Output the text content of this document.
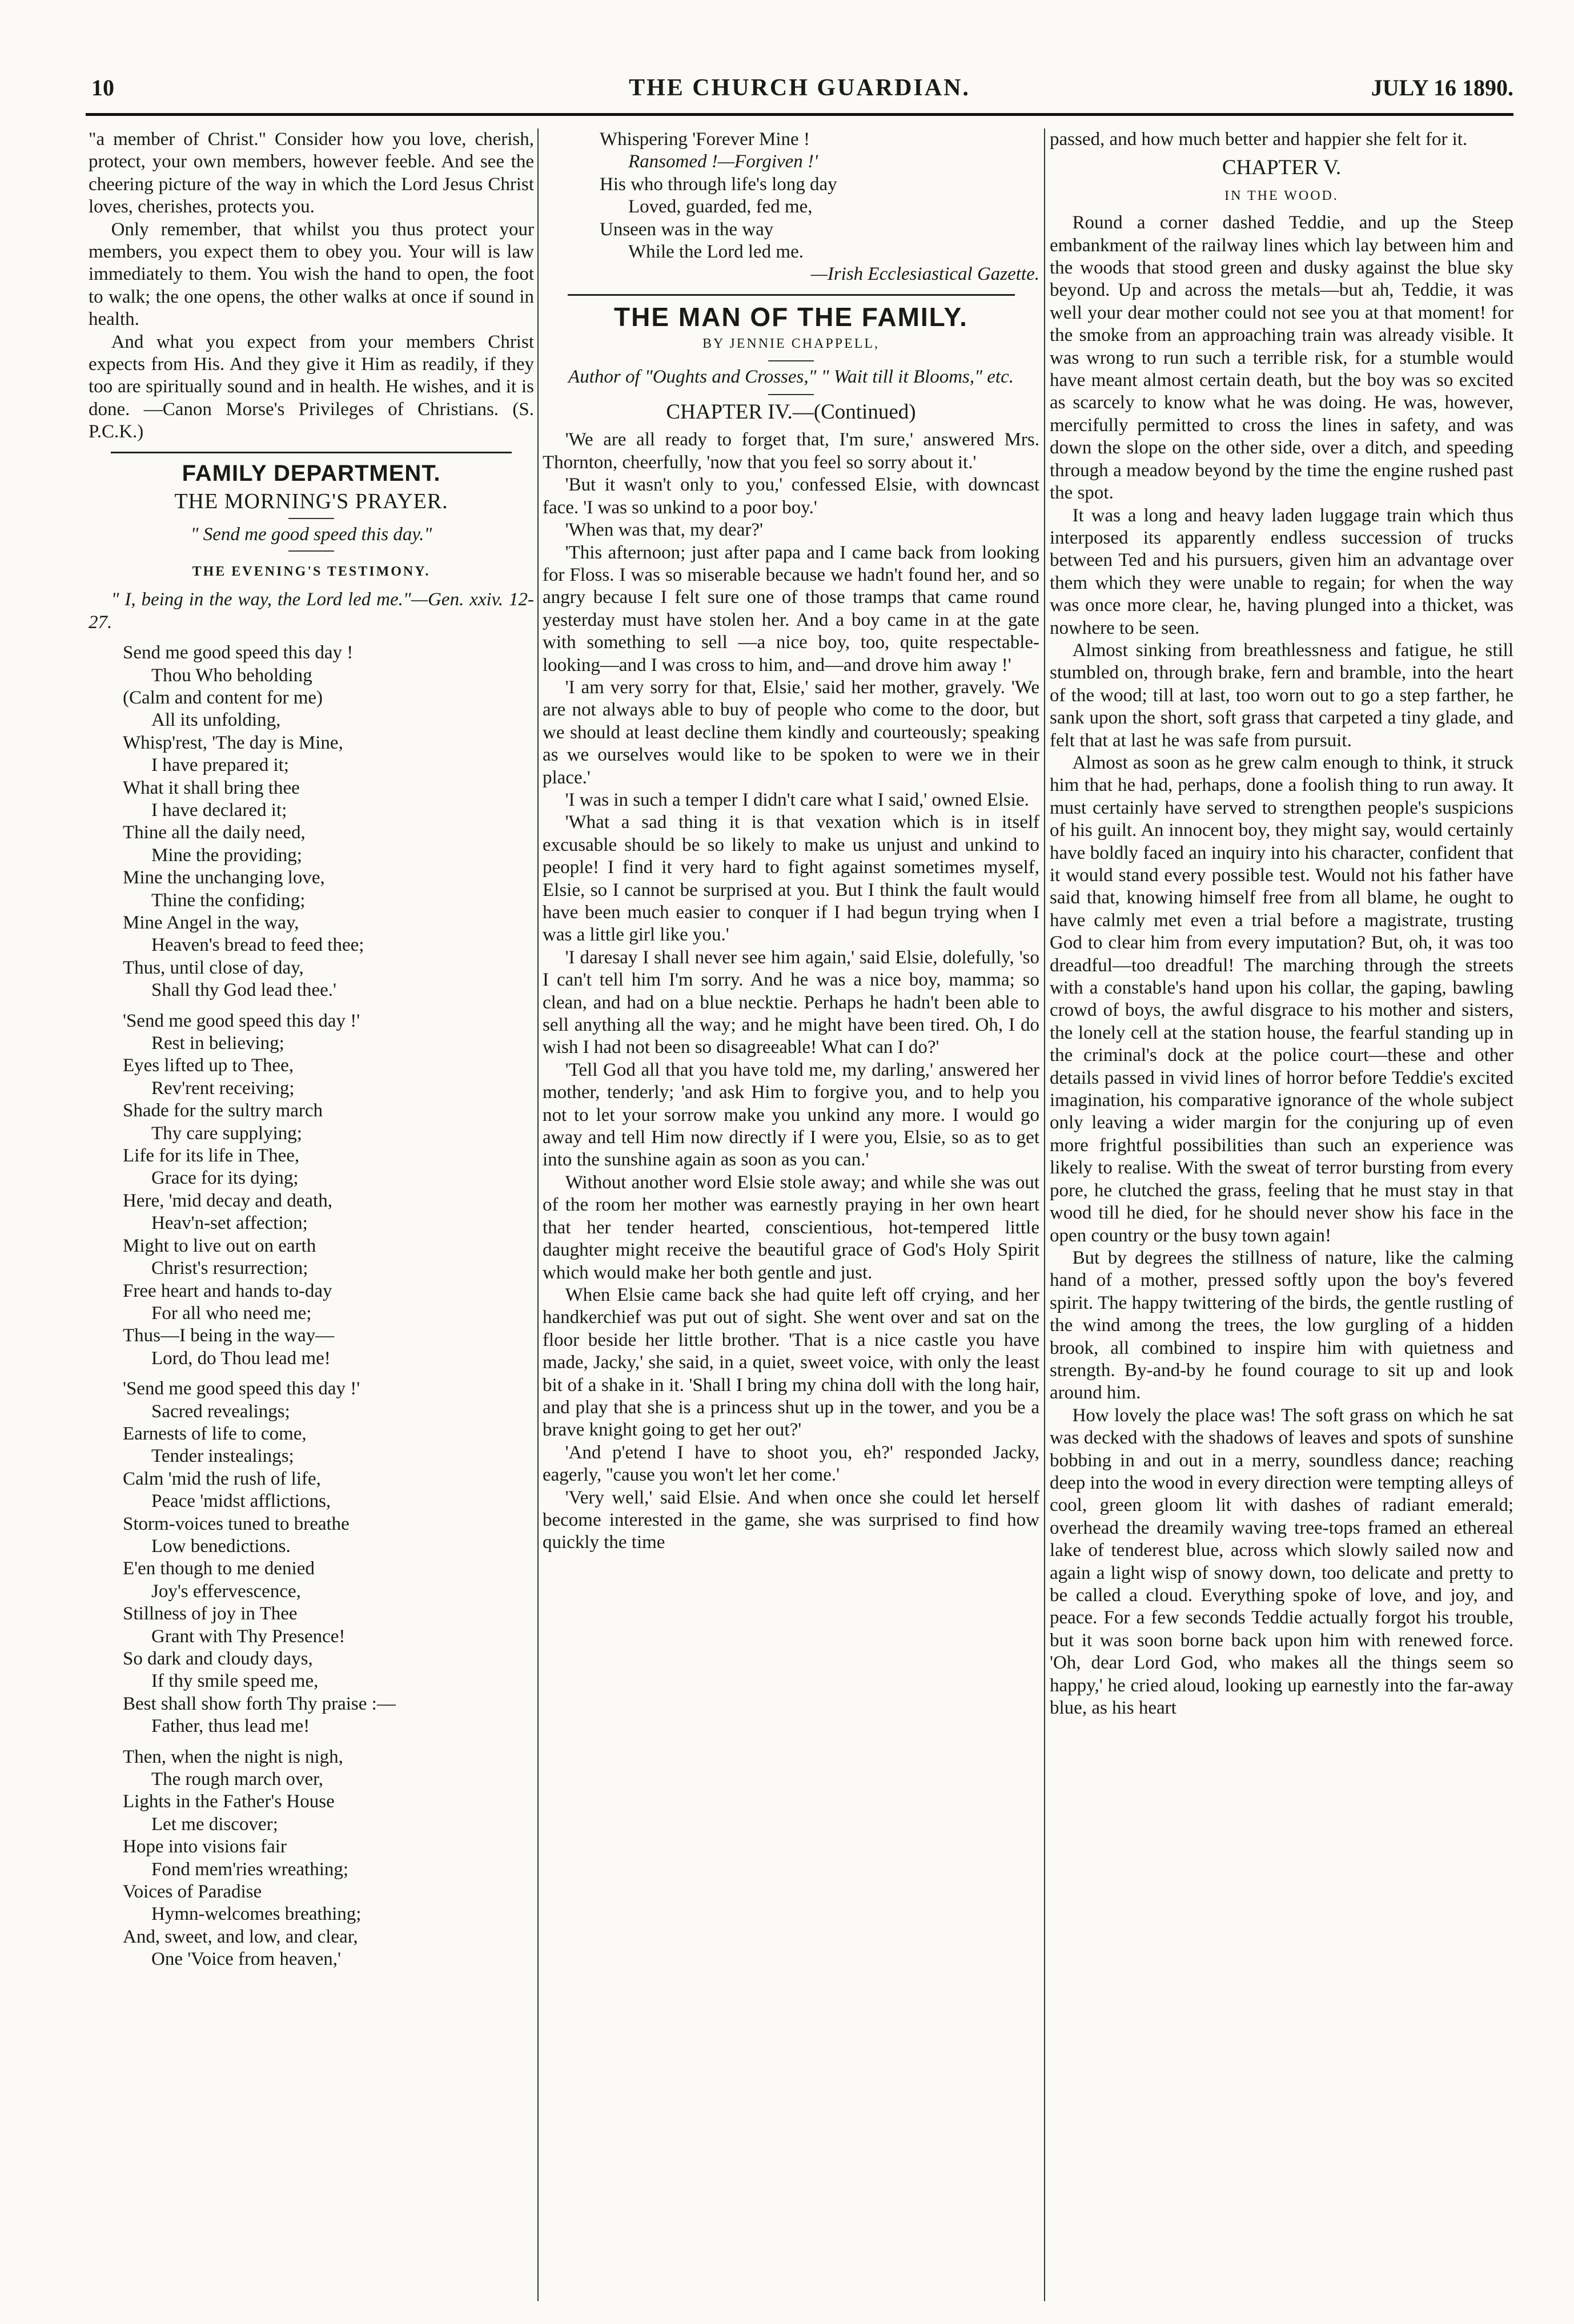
10	THE CHURCH GUARDIAN.	JULY 16 1890.

"a member of Christ." Consider how you love, cherish, protect, your own members, however feeble. And see the cheering picture of the way in which the Lord Jesus Christ loves, cherishes, protects you.

Only remember, that whilst you thus protect your members, you expect them to obey you. Your will is law immediately to them. You wish the hand to open, the foot to walk; the one opens, the other walks at once if sound in health.

And what you expect from your members Christ expects from His. And they give it Him as readily, if they too are spiritually sound and in health. He wishes, and it is done. —Canon Morse's Privileges of Christians. (S. P.C.K.)

FAMILY DEPARTMENT.
THE MORNING'S PRAYER.
" Send me good speed this day."
THE EVENING'S TESTIMONY.

" I, being in the way, the Lord led me."—Gen. xxiv. 12-27.

Send me good speed this day !
Thou Who beholding
(Calm and content for me)
All its unfolding,
Whisp'rest, 'The day is Mine,
I have prepared it;
What it shall bring thee
I have declared it;
Thine all the daily need,
Mine the providing;
Mine the unchanging love,
Thine the confiding;
Mine Angel in the way,
Heaven's bread to feed thee;
Thus, until close of day,
Shall thy God lead thee.'
'Send me good speed this day !'
Rest in believing;
Eyes lifted up to Thee,
Rev'rent receiving;
Shade for the sultry march
Thy care supplying;
Life for its life in Thee,
Grace for its dying;
Here, 'mid decay and death,
Heav'n-set affection;
Might to live out on earth
Christ's resurrection;
Free heart and hands to-day
For all who need me;
Thus—I being in the way—
Lord, do Thou lead me!
'Send me good speed this day !'
Sacred revealings;
Earnests of life to come,
Tender instealings;
Calm 'mid the rush of life,
Peace 'midst afflictions,
Storm-voices tuned to breathe
Low benedictions.
E'en though to me denied
Joy's effervescence,
Stillness of joy in Thee
Grant with Thy Presence!
So dark and cloudy days,
If thy smile speed me,
Best shall show forth Thy praise :—
Father, thus lead me!
Then, when the night is nigh,
The rough march over,
Lights in the Father's House
Let me discover;
Hope into visions fair
Fond mem'ries wreathing;
Voices of Paradise
Hymn-welcomes breathing;
And, sweet, and low, and clear,
One 'Voice from heaven,'
Whispering 'Forever Mine !
Ransomed !—Forgiven !'
His who through life's long day
Loved, guarded, fed me,
Unseen was in the way
While the Lord led me.
—Irish Ecclesiastical Gazette.
THE MAN OF THE FAMILY.
BY JENNIE CHAPPELL,
Author of "Oughts and Crosses," " Wait till it Blooms," etc.
CHAPTER IV.—(Continued)

'We are all ready to forget that, I'm sure,' answered Mrs. Thornton, cheerfully, 'now that you feel so sorry about it.'

'But it wasn't only to you,' confessed Elsie, with downcast face. 'I was so unkind to a poor boy.'

'When was that, my dear?'

'This afternoon; just after papa and I came back from looking for Floss. I was so miserable because we hadn't found her, and so angry because I felt sure one of those tramps that came round yesterday must have stolen her. And a boy came in at the gate with something to sell —a nice boy, too, quite respectable-looking—and I was cross to him, and—and drove him away !'

'I am very sorry for that, Elsie,' said her mother, gravely. 'We are not always able to buy of people who come to the door, but we should at least decline them kindly and courteously; speaking as we ourselves would like to be spoken to were we in their place.'

'I was in such a temper I didn't care what I said,' owned Elsie.

'What a sad thing it is that vexation which is in itself excusable should be so likely to make us unjust and unkind to people! I find it very hard to fight against sometimes myself, Elsie, so I cannot be surprised at you. But I think the fault would have been much easier to conquer if I had begun trying when I was a little girl like you.'

'I daresay I shall never see him again,' said Elsie, dolefully, 'so I can't tell him I'm sorry. And he was a nice boy, mamma; so clean, and had on a blue necktie. Perhaps he hadn't been able to sell anything all the way; and he might have been tired. Oh, I do wish I had not been so disagreeable! What can I do?'

'Tell God all that you have told me, my darling,' answered her mother, tenderly; 'and ask Him to forgive you, and to help you not to let your sorrow make you unkind any more. I would go away and tell Him now directly if I were you, Elsie, so as to get into the sunshine again as soon as you can.'

Without another word Elsie stole away; and while she was out of the room her mother was earnestly praying in her own heart that her tender hearted, conscientious, hot-tempered little daughter might receive the beautiful grace of God's Holy Spirit which would make her both gentle and just.

When Elsie came back she had quite left off crying, and her handkerchief was put out of sight. She went over and sat on the floor beside her little brother. 'That is a nice castle you have made, Jacky,' she said, in a quiet, sweet voice, with only the least bit of a shake in it. 'Shall I bring my china doll with the long hair, and play that she is a princess shut up in the tower, and you be a brave knight going to get her out?'

'And p'etend I have to shoot you, eh?' responded Jacky, eagerly, ''cause you won't let her come.'

'Very well,' said Elsie. And when once she could let herself become interested in the game, she was surprised to find how quickly the time

passed, and how much better and happier she felt for it.

CHAPTER V.
IN THE WOOD.

Round a corner dashed Teddie, and up the Steep embankment of the railway lines which lay between him and the woods that stood green and dusky against the blue sky beyond. Up and across the metals—but ah, Teddie, it was well your dear mother could not see you at that moment! for the smoke from an approaching train was already visible. It was wrong to run such a terrible risk, for a stumble would have meant almost certain death, but the boy was so excited as scarcely to know what he was doing. He was, however, mercifully permitted to cross the lines in safety, and was down the slope on the other side, over a ditch, and speeding through a meadow beyond by the time the engine rushed past the spot.

It was a long and heavy laden luggage train which thus interposed its apparently endless succession of trucks between Ted and his pursuers, given him an advantage over them which they were unable to regain; for when the way was once more clear, he, having plunged into a thicket, was nowhere to be seen.

Almost sinking from breathlessness and fatigue, he still stumbled on, through brake, fern and bramble, into the heart of the wood; till at last, too worn out to go a step farther, he sank upon the short, soft grass that carpeted a tiny glade, and felt that at last he was safe from pursuit.

Almost as soon as he grew calm enough to think, it struck him that he had, perhaps, done a foolish thing to run away. It must certainly have served to strengthen people's suspicions of his guilt. An innocent boy, they might say, would certainly have boldly faced an inquiry into his character, confident that it would stand every possible test. Would not his father have said that, knowing himself free from all blame, he ought to have calmly met even a trial before a magistrate, trusting God to clear him from every imputation? But, oh, it was too dreadful—too dreadful! The marching through the streets with a constable's hand upon his collar, the gaping, bawling crowd of boys, the awful disgrace to his mother and sisters, the lonely cell at the station house, the fearful standing up in the criminal's dock at the police court—these and other details passed in vivid lines of horror before Teddie's excited imagination, his comparative ignorance of the whole subject only leaving a wider margin for the conjuring up of even more frightful possibilities than such an experience was likely to realise. With the sweat of terror bursting from every pore, he clutched the grass, feeling that he must stay in that wood till he died, for he should never show his face in the open country or the busy town again!

But by degrees the stillness of nature, like the calming hand of a mother, pressed softly upon the boy's fevered spirit. The happy twittering of the birds, the gentle rustling of the wind among the trees, the low gurgling of a hidden brook, all combined to inspire him with quietness and strength. By-and-by he found courage to sit up and look around him.

How lovely the place was! The soft grass on which he sat was decked with the shadows of leaves and spots of sunshine bobbing in and out in a merry, soundless dance; reaching deep into the wood in every direction were tempting alleys of cool, green gloom lit with dashes of radiant emerald; overhead the dreamily waving tree-tops framed an ethereal lake of tenderest blue, across which slowly sailed now and again a light wisp of snowy down, too delicate and pretty to be called a cloud. Everything spoke of love, and joy, and peace. For a few seconds Teddie actually forgot his trouble, but it was soon borne back upon him with renewed force. 'Oh, dear Lord God, who makes all the things seem so happy,' he cried aloud, looking up earnestly into the far-away blue, as his heart
